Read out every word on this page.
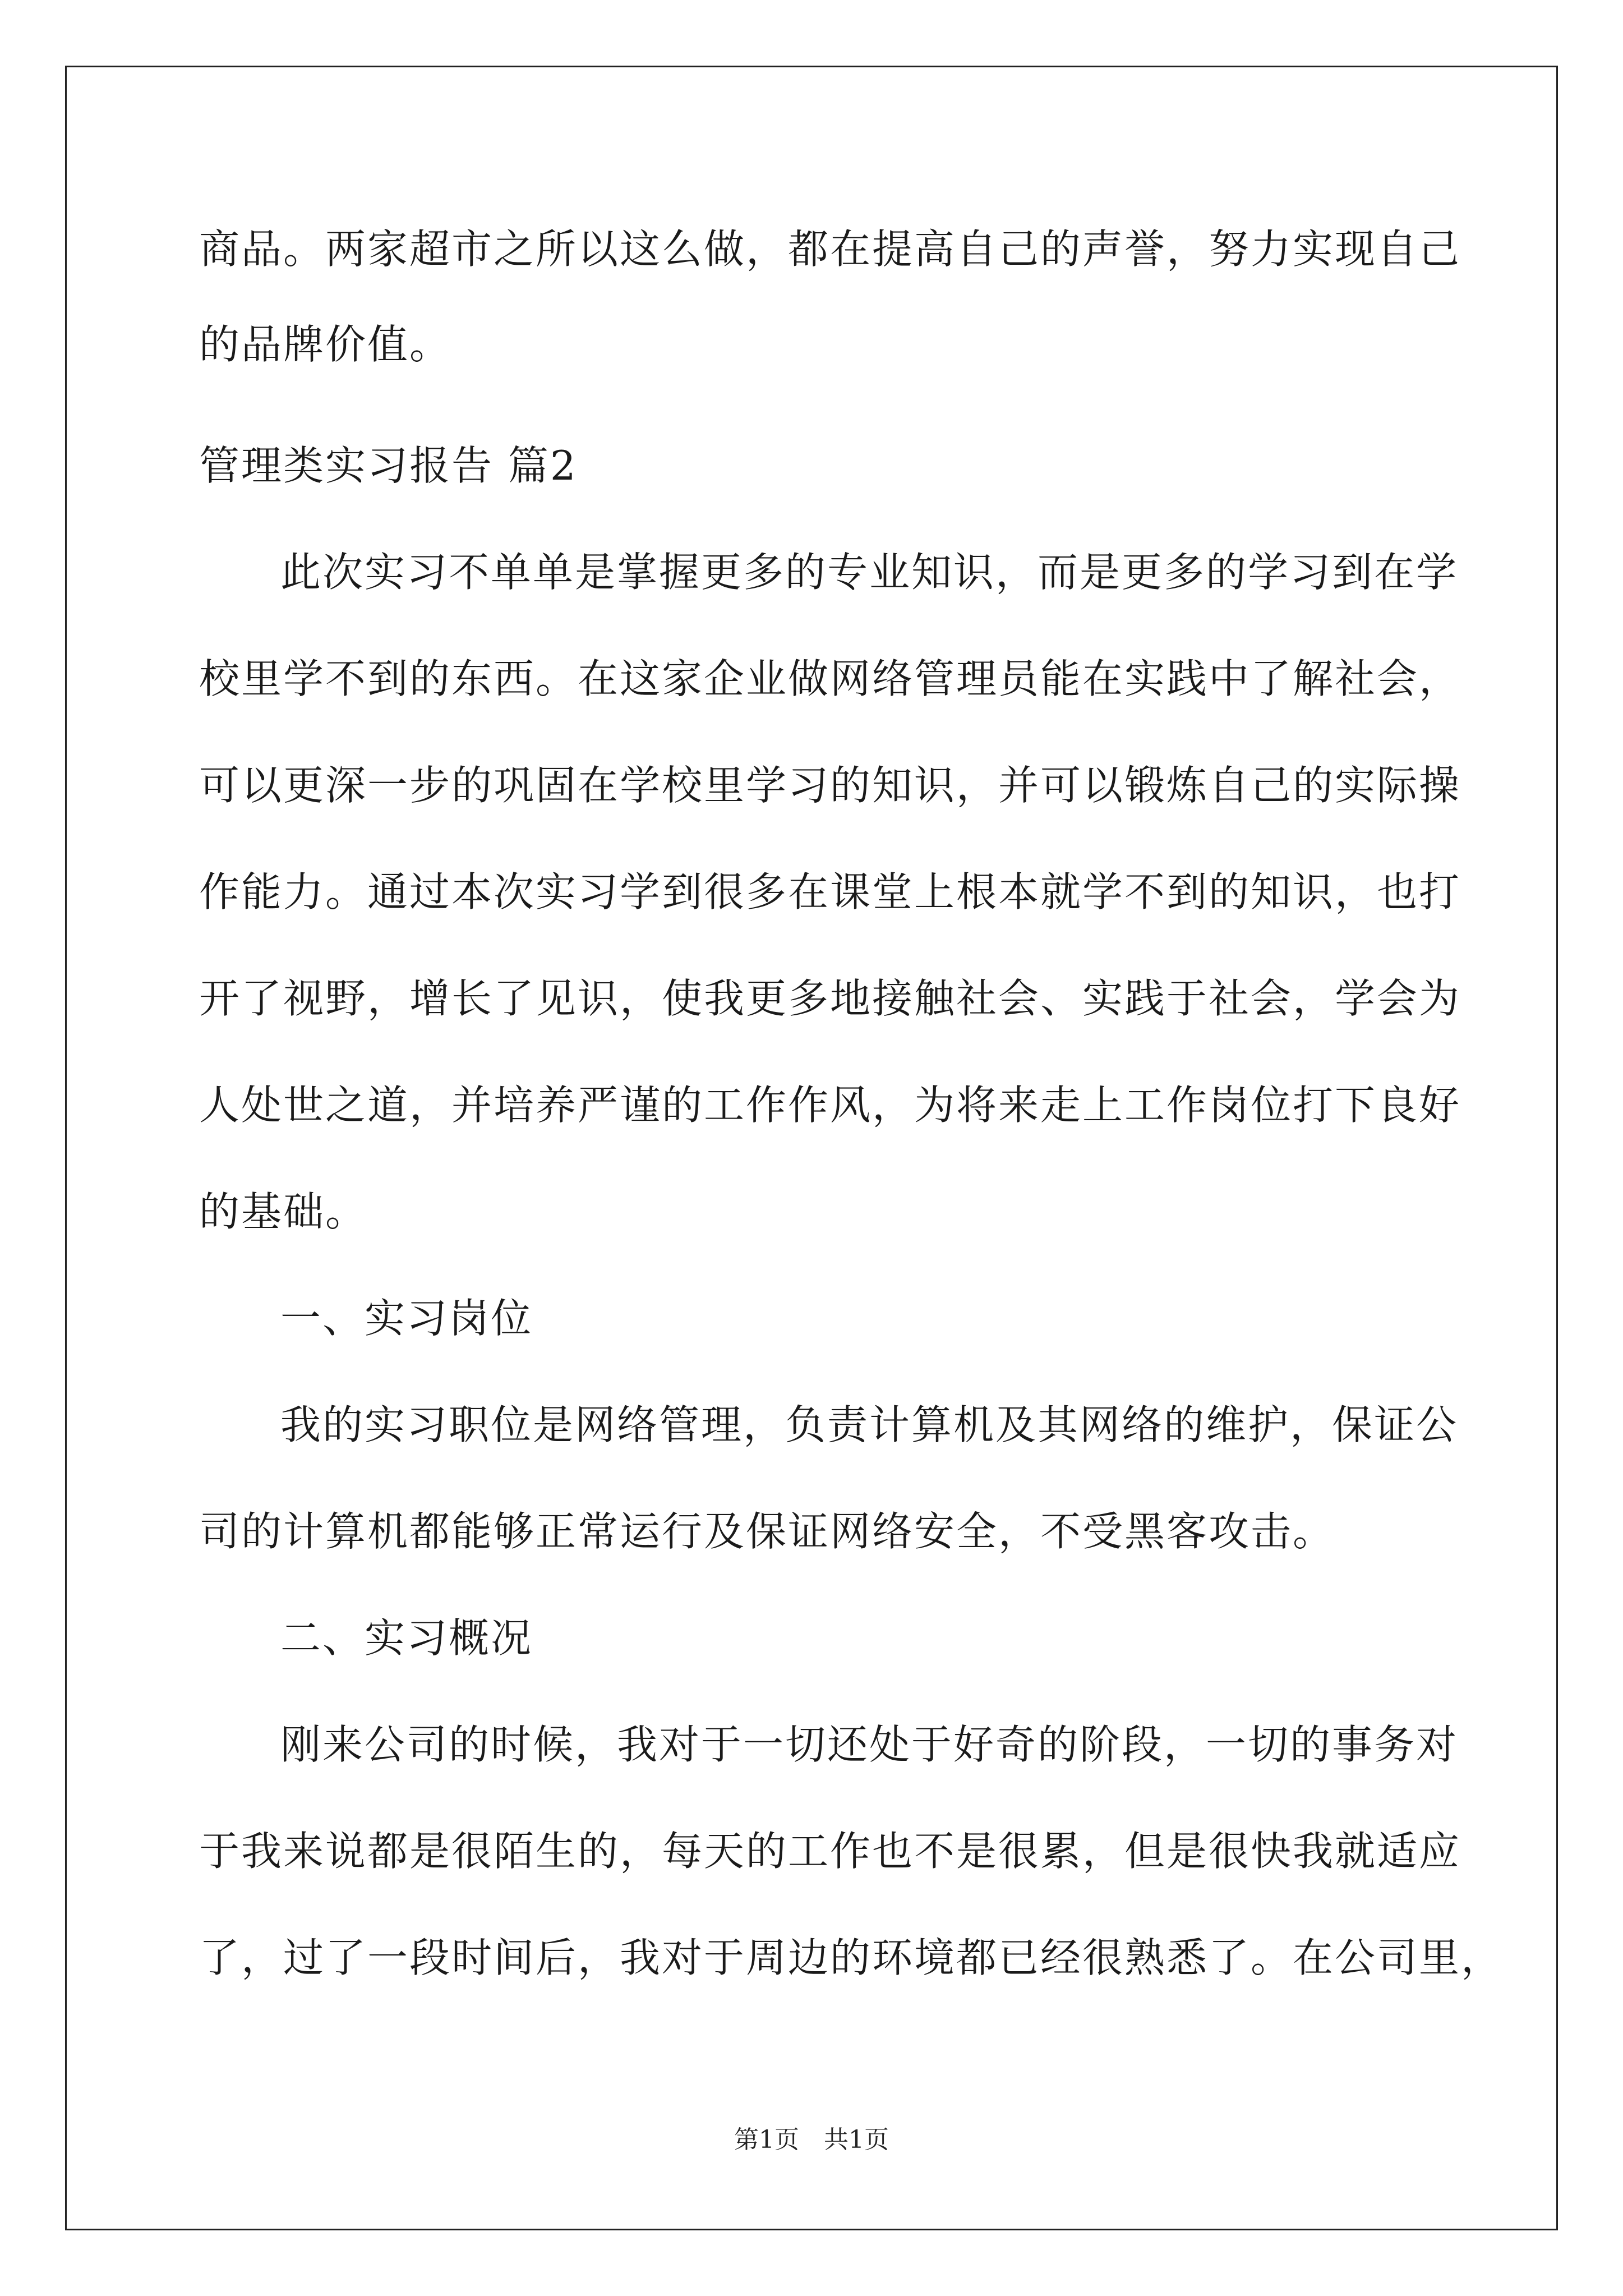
商品。两家超市之所以这么做，都在提高自己的声誉，努力实现自己
的品牌价值。
管理类实习报告 篇2
此次实习不单单是掌握更多的专业知识，而是更多的学习到在学
校里学不到的东西。在这家企业做网络管理员能在实践中了解社会，
可以更深一步的巩固在学校里学习的知识，并可以锻炼自己的实际操
作能力。通过本次实习学到很多在课堂上根本就学不到的知识，也打
开了视野，增长了见识，使我更多地接触社会、实践于社会，学会为
人处世之道，并培养严谨的工作作风，为将来走上工作岗位打下良好
的基础。
一、实习岗位
我的实习职位是网络管理，负责计算机及其网络的维护，保证公
司的计算机都能够正常运行及保证网络安全，不受黑客攻击。
二、实习概况
刚来公司的时候，我对于一切还处于好奇的阶段，一切的事务对
于我来说都是很陌生的，每天的工作也不是很累，但是很快我就适应
了，过了一段时间后，我对于周边的环境都已经很熟悉了。在公司里，
第1页　共1页
